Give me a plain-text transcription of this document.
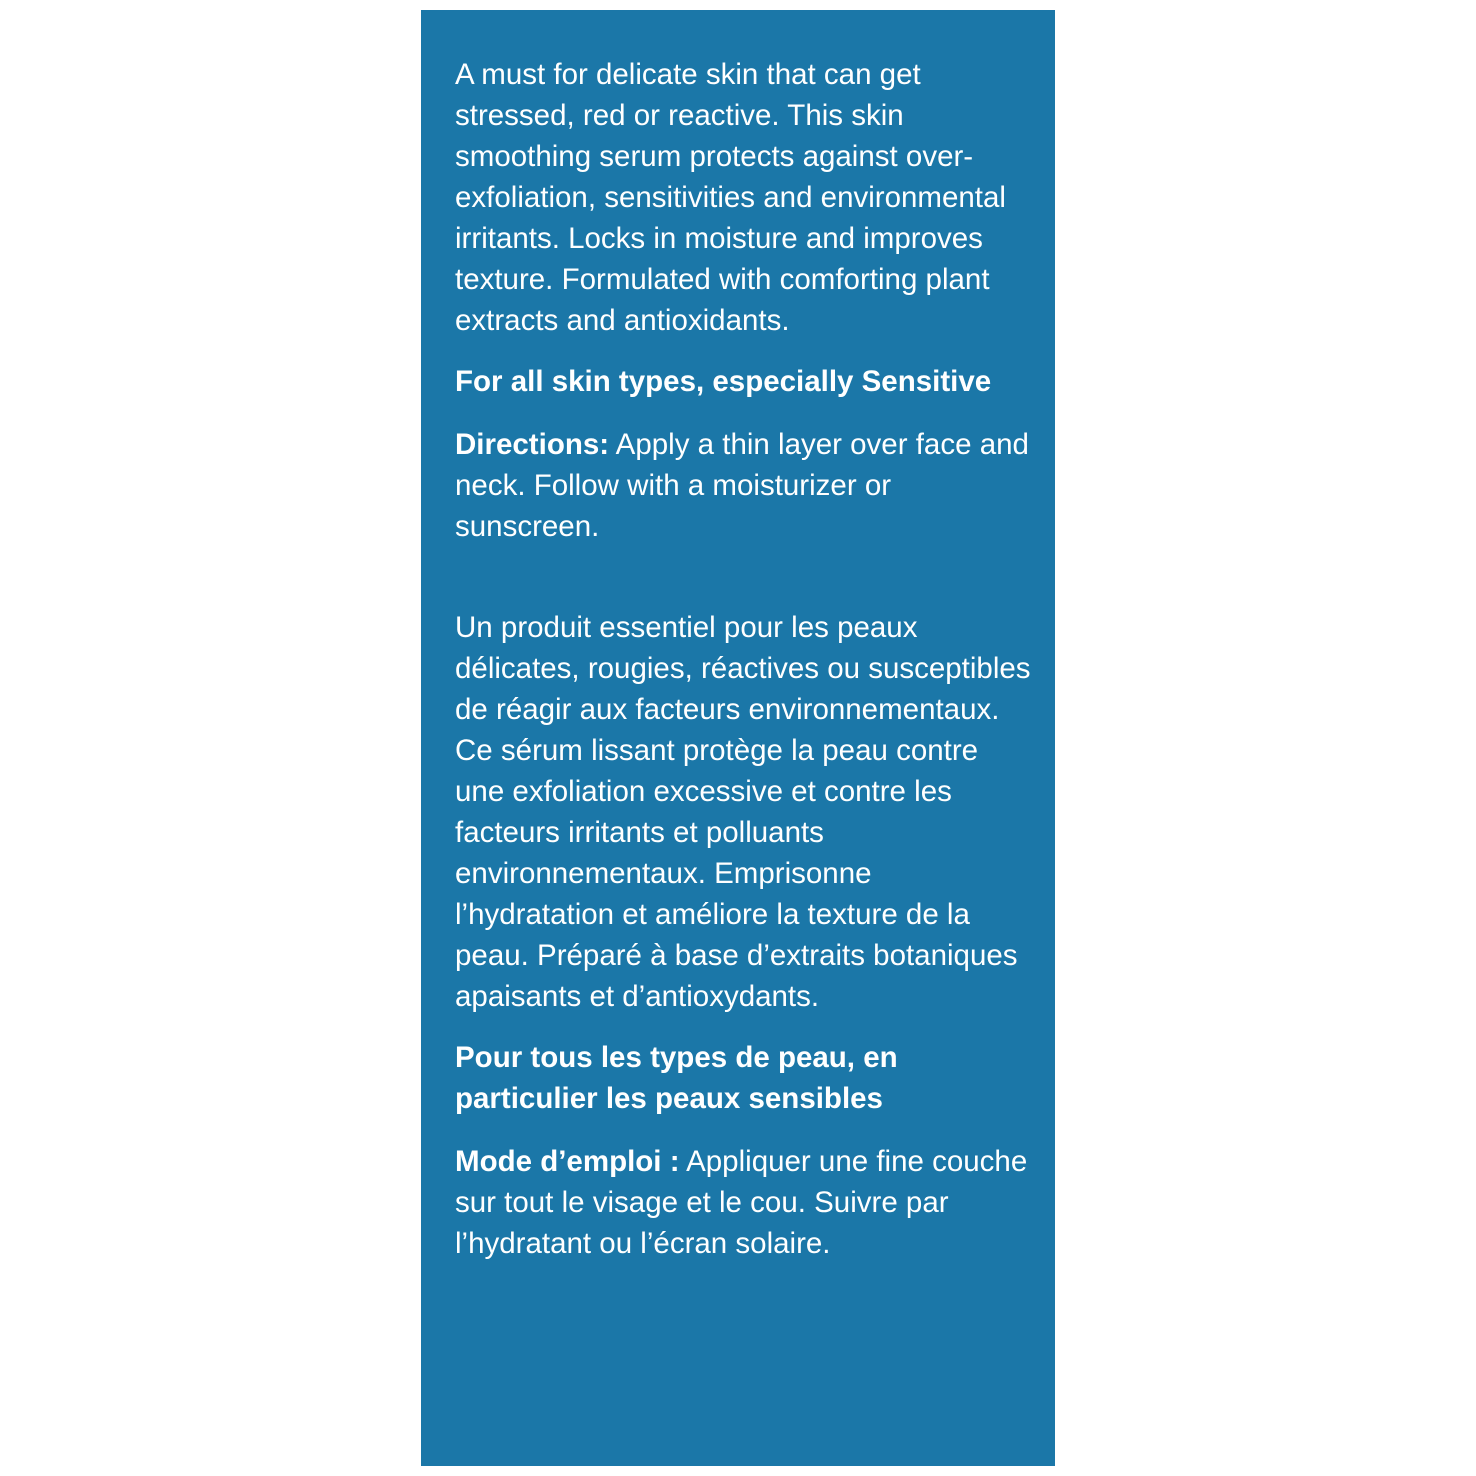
A must for delicate skin that can get stressed, red or reactive. This skin smoothing serum protects against over-exfoliation, sensitivities and environmental irritants. Locks in moisture and improves texture. Formulated with comforting plant extracts and antioxidants.

For all skin types, especially Sensitive

Directions: Apply a thin layer over face and neck. Follow with a moisturizer or sunscreen.

Un produit essentiel pour les peaux délicates, rougies, réactives ou susceptibles de réagir aux facteurs environnementaux. Ce sérum lissant protège la peau contre une exfoliation excessive et contre les facteurs irritants et polluants environnementaux. Emprisonne l’hydratation et améliore la texture de la peau. Préparé à base d’extraits botaniques apaisants et d’antioxydants.

Pour tous les types de peau, en particulier les peaux sensibles

Mode d’emploi : Appliquer une fine couche sur tout le visage et le cou. Suivre par l’hydratant ou l’écran solaire.
